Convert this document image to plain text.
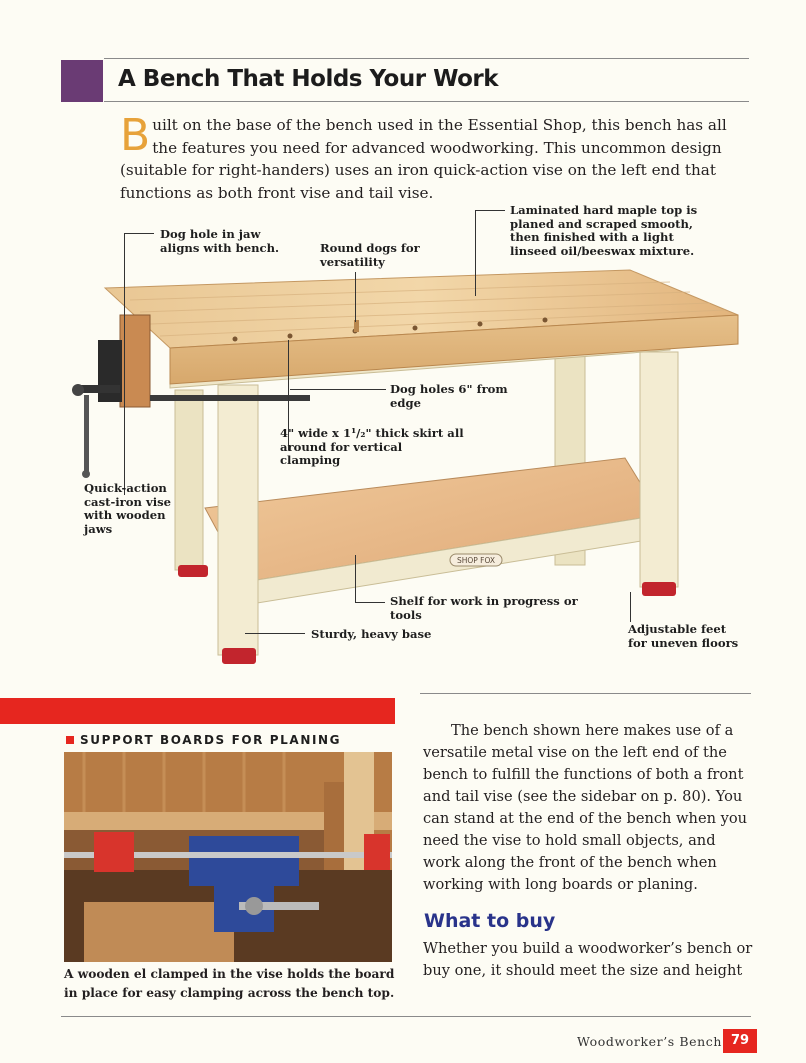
A Bench That Holds Your Work
Built on the base of the bench used in the Essential Shop, this bench has all the features you need for advanced woodworking. This uncommon design (suitable for right-handers) uses an iron quick-action vise on the left end that functions as both front vise and tail vise.
SHOP FOX
Dog hole in jaw aligns with bench.	Round dogs for versatility
Laminated hard maple top is planed and scraped smooth, then finished with a light linseed oil/beeswax mixture.
Dog holes 6" from edge
4" wide x 1¹/₂" thick skirt all around for vertical clamping
Quick-action cast-iron vise with wooden jaws
Shelf for work in progress or tools
Adjustable feet for uneven floors
Sturdy, heavy base
SUPPORT BOARDS FOR PLANING
A wooden el clamped in the vise holds the board in place for easy clamping across the bench top.

The bench shown here makes use of a versatile metal vise on the left end of the bench to fulfill the functions of both a front and tail vise (see the sidebar on p. 80). You can stand at the end of the bench when you need the vise to hold small objects, and work along the front of the bench when working with long boards or planing.

What to buy
Whether you build a woodworker’s bench or buy one, it should meet the size and height
Woodworker’s Bench 79
